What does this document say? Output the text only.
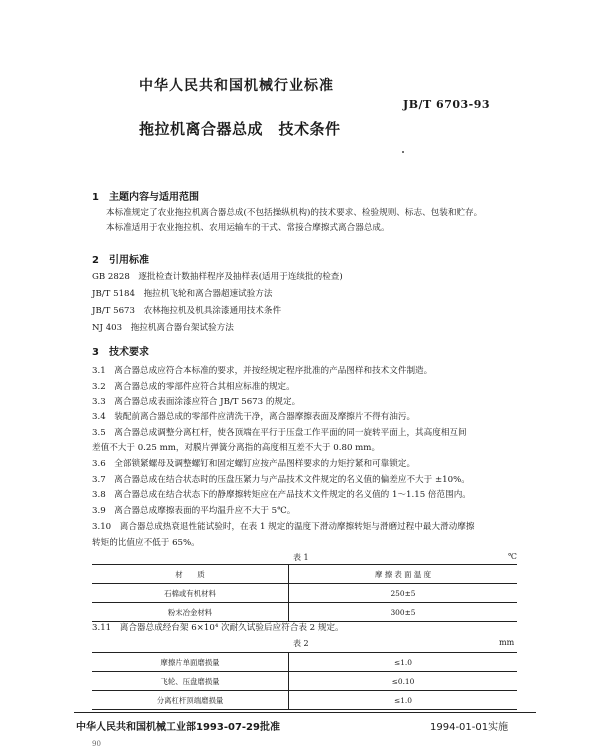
中华人民共和国机械行业标准
JB/T 6703-93
拖拉机离合器总成　技术条件
1　主题内容与适用范围
本标准规定了农业拖拉机离合器总成(不包括操纵机构)的技术要求、检验规则、标志、包装和贮存。
本标准适用于农业拖拉机、农用运输车的干式、常接合摩擦式离合器总成。
2　引用标准
GB 2828　逐批检查计数抽样程序及抽样表(适用于连续批的检查)
JB/T 5184　拖拉机飞轮和离合器超速试验方法
JB/T 5673　农林拖拉机及机具涂漆通用技术条件
NJ 403　拖拉机离合器台架试验方法
3　技术要求
3.1　离合器总成应符合本标准的要求，并按经规定程序批准的产品图样和技术文件制造。
3.2　离合器总成的零部件应符合其相应标准的规定。
3.3　离合器总成表面涂漆应符合 JB/T 5673 的规定。
3.4　装配前离合器总成的零部件应清洗干净，离合器摩擦表面及摩擦片不得有油污。
3.5　离合器总成调整分离杠杆，使各顶端在平行于压盘工作平面的同一旋转平面上，其高度相互间
差值不大于 0.25 mm，对膜片弹簧分离指的高度相互差不大于 0.80 mm。
3.6　全部锁紧螺母及调整螺钉和固定螺钉应按产品图样要求的力矩拧紧和可靠锁定。
3.7　离合器总成在结合状态时的压盘压紧力与产品技术文件规定的名义值的偏差应不大于 ±10%。
3.8　离合器总成在结合状态下的静摩擦转矩应在产品技术文件规定的名义值的 1～1.15 倍范围内。
3.9　离合器总成摩擦表面的平均温升应不大于 5℃。
3.10　离合器总成热衰退性能试验时，在表 1 规定的温度下滑动摩擦转矩与滑磨过程中最大滑动摩擦
转矩的比值应不低于 65%。
表 1	℃
材　　质	摩 擦 表 面 温 度
石棉或有机材料	250±5
粉末冶金材料	300±5
3.11　离合器总成经台架 6×10⁴ 次耐久试验后应符合表 2 规定。
表 2	mm
摩擦片单面磨损量	≤1.0
飞轮、压盘磨损量	≤0.10
分离杠杆顶端磨损量	≤1.0
中华人民共和国机械工业部1993-07-29批准	1994-01-01实施
90
